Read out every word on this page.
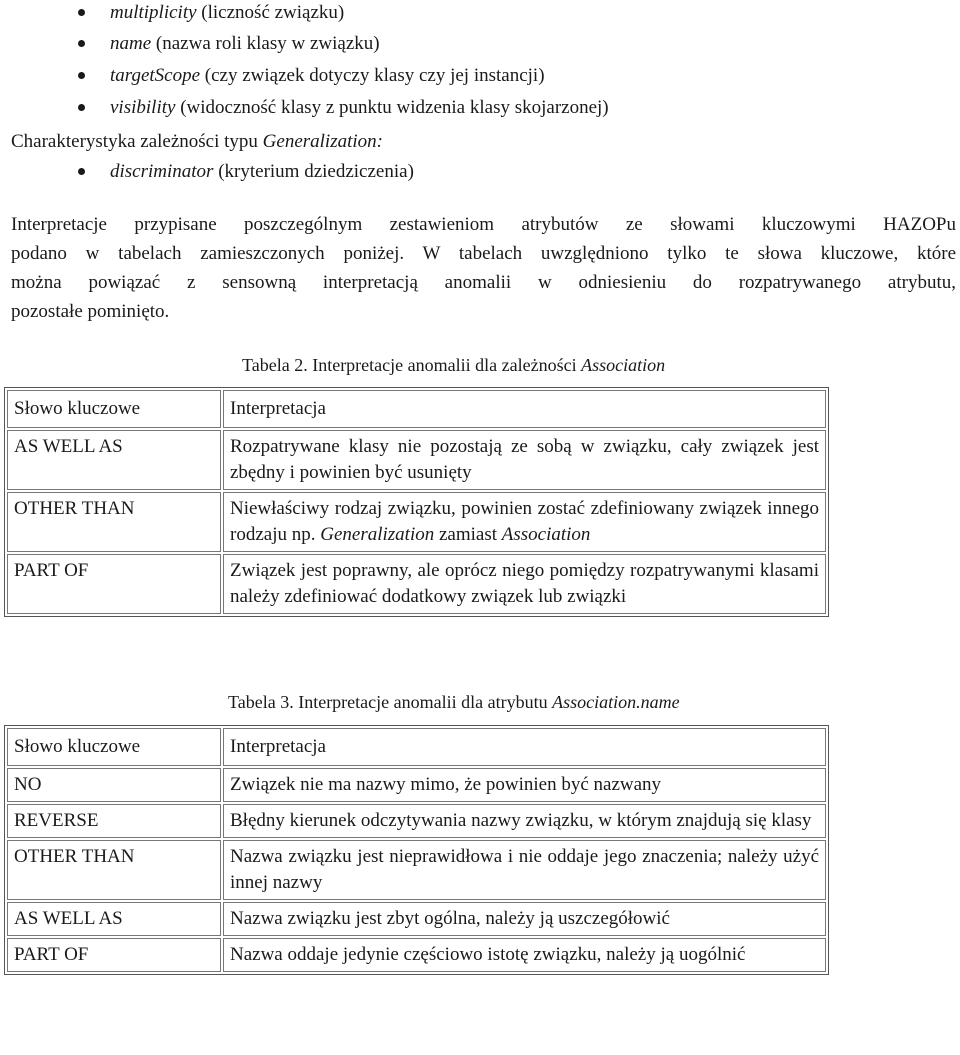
multiplicity (liczność związku)
name (nazwa roli klasy w związku)
targetScope (czy związek dotyczy klasy czy jej instancji)
visibility (widoczność klasy z punktu widzenia klasy skojarzonej)
Charakterystyka zależności typu Generalization:
discriminator (kryterium dziedziczenia)
Interpretacje przypisane poszczególnym zestawieniom atrybutów ze słowami kluczowymi HAZOPu
podano w tabelach zamieszczonych poniżej. W tabelach uwzględniono tylko te słowa kluczowe, które
można powiązać z sensowną interpretacją anomalii w odniesieniu do rozpatrywanego atrybutu,
pozostałe pominięto.
Tabela 2. Interpretacje anomalii dla zależności Association
Słowo kluczowe	Interpretacja
AS WELL AS	Rozpatrywane klasy nie pozostają ze sobą w związku, cały związek jest zbędny i powinien być usunięty
OTHER THAN	Niewłaściwy rodzaj związku, powinien zostać zdefiniowany związek innego rodzaju np. Generalization zamiast Association
PART OF	Związek jest poprawny, ale oprócz niego pomiędzy rozpatrywanymi klasami należy zdefiniować dodatkowy związek lub związki
Tabela 3. Interpretacje anomalii dla atrybutu Association.name
Słowo kluczowe	Interpretacja
NO	Związek nie ma nazwy mimo, że powinien być nazwany
REVERSE	Błędny kierunek odczytywania nazwy związku, w którym znajdują się klasy
OTHER THAN	Nazwa związku jest nieprawidłowa i nie oddaje jego znaczenia; należy użyć innej nazwy
AS WELL AS	Nazwa związku jest zbyt ogólna, należy ją uszczegółowić
PART OF	Nazwa oddaje jedynie częściowo istotę związku, należy ją uogólnić
